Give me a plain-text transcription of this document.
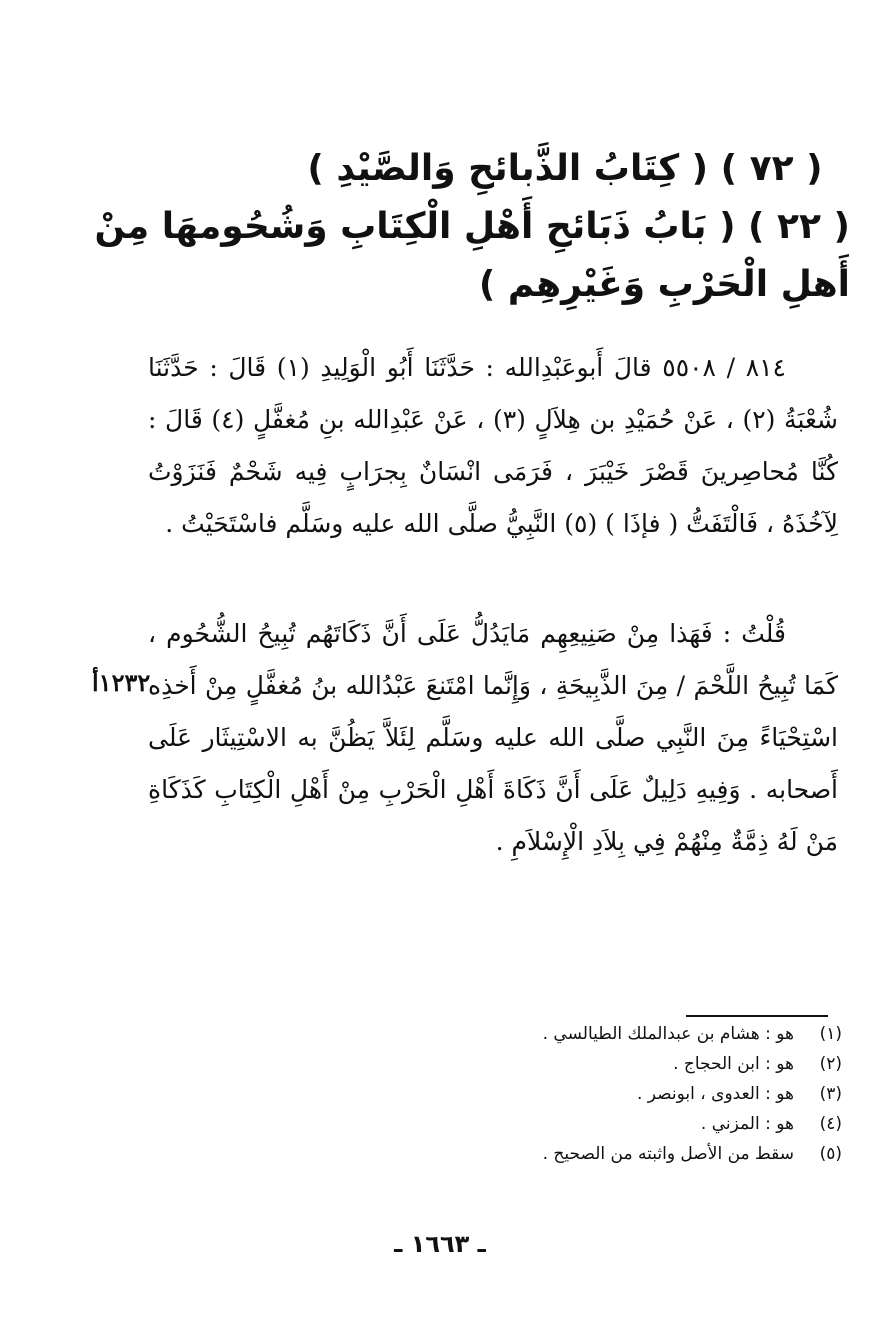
( ٧٢ ) ( كِتَابُ الذَّبائحِ وَالصَّيْدِ )
( ٢٢ ) ( بَابُ ذَبَائحِ أَهْلِ الْكِتَابِ وَشُحُومهَا مِنْ
أَهلِ الْحَرْبِ وَغَيْرِهِم )

٨١٤ / ٥٥٠٨ قالَ أَبوعَبْدِالله : حَدَّثَنَا أَبُو الْوَلِيدِ (١) قَالَ : حَدَّثَنَا شُعْبَةُ (٢) ، عَنْ حُمَيْدِ بن هِلاَلٍ (٣) ، عَنْ عَبْدِالله بنِ مُغفَّلٍ (٤) قَالَ : كُنَّا مُحاصِرينَ قَصْرَ خَيْبَرَ ، فَرَمَى انْسَانٌ بِجرَابٍ فِيه شَحْمٌ فَنَزَوْتُ لِآخُذَهُ ، فَالْتَفَتُّ ( فإذَا ) (٥) النَّبِيُّ صلَّى الله عليه وسَلَّم فاسْتَحَيْتُ .

قُلْتُ : فَهَذا مِنْ صَنِيعِهِم مَايَدُلُّ عَلَى أَنَّ ذَكَاتَهُم تُبِيحُ الشُّحُوم ، كَمَا تُبِيحُ اللَّحْمَ / مِنَ الذَّبِيحَةِ ، وَإِنَّما امْتَنعَ عَبْدُالله بنُ مُغفَّلٍ مِنْ أَخذِه اسْتِحْيَاءً مِنَ النَّبِي صلَّى الله عليه وسَلَّم لِئَلاَّ يَظُنَّ به الاسْتِيثَار عَلَى أَصحابه . وَفِيهِ دَلِيلٌ عَلَى أَنَّ ذَكَاةَ أَهْلِ الْحَرْبِ مِنْ أَهْلِ الْكِتَابِ كَذَكَاةِ مَنْ لَهُ ذِمَّةٌ مِنْهُمْ فِي بِلاَدِ الْإِسْلاَمِ .

١٢٣٢أ
(١)
هو : هشام بن عبدالملك الطيالسي .
(٢)
هو : ابن الحجاج .
(٣)
هو : العدوى ، ابونصر .
(٤)
هو : المزني .
(٥)
سقط من الأصل واثبته من الصحيح .
ـ ١٦٦٣ ـ
